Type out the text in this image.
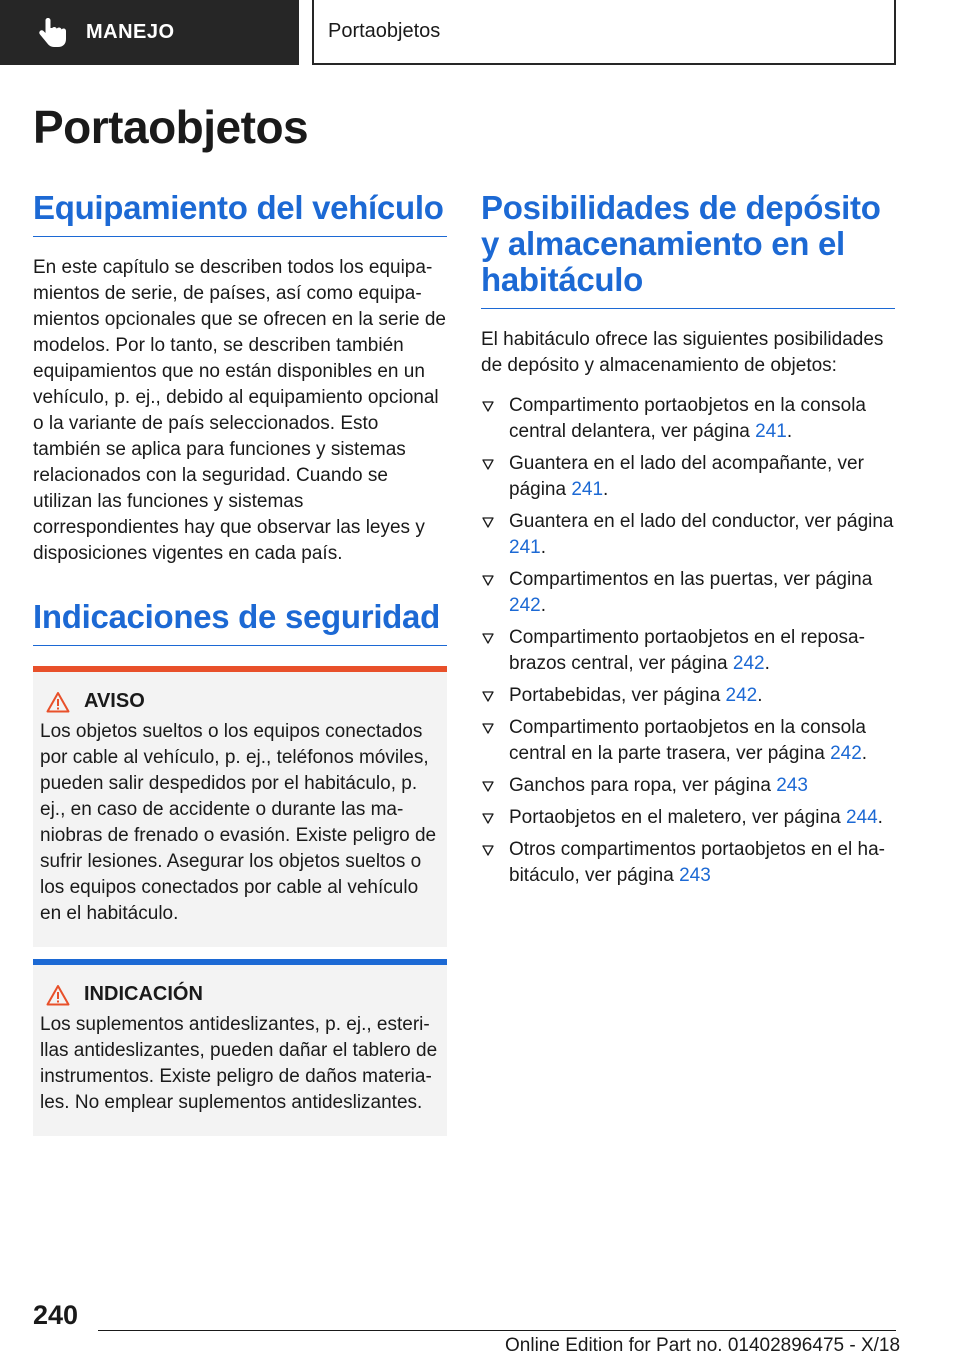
MANEJO	Portaobjetos
Portaobjetos
Equipamiento del vehículo

En este capítulo se describen todos los equipamientos de serie, de países, así como equipamientos opcionales que se ofrecen en la serie de modelos. Por lo tanto, se describen también equipamientos que no están disponibles en un vehículo, p. ej., debido al equipamiento opcional o la variante de país seleccionados. Esto también se aplica para funciones y sistemas relacionados con la seguridad. Cuando se utilizan las funciones y sistemas correspondientes hay que observar las leyes y disposiciones vigentes en cada país.

Indicaciones de seguridad
AVISO

Los objetos sueltos o los equipos conectados por cable al vehículo, p. ej., teléfonos móviles, pueden salir despedidos por el habitáculo, p. ej., en caso de accidente o durante las maniobras de frenado o evasión. Existe peligro de sufrir lesiones. Asegurar los objetos sueltos o los equipos conectados por cable al vehículo en el habitáculo.

INDICACIÓN

Los suplementos antideslizantes, p. ej., esterillas antideslizantes, pueden dañar el tablero de instrumentos. Existe peligro de daños materiales. No emplear suplementos antideslizantes.

Posibilidades de depósito y almacenamiento en el habitáculo

El habitáculo ofrece las siguientes posibilidades de depósito y almacenamiento de objetos:

Compartimento portaobjetos en la consola central delantera, ver página 241.
Guantera en el lado del acompañante, ver página 241.
Guantera en el lado del conductor, ver página 241.
Compartimentos en las puertas, ver página 242.
Compartimento portaobjetos en el reposabrazos central, ver página 242.
Portabebidas, ver página 242.
Compartimento portaobjetos en la consola central en la parte trasera, ver página 242.
Ganchos para ropa, ver página 243
Portaobjetos en el maletero, ver página 244.
Otros compartimentos portaobjetos en el habitáculo, ver página 243
240
Online Edition for Part no. 01402896475 - X/18
